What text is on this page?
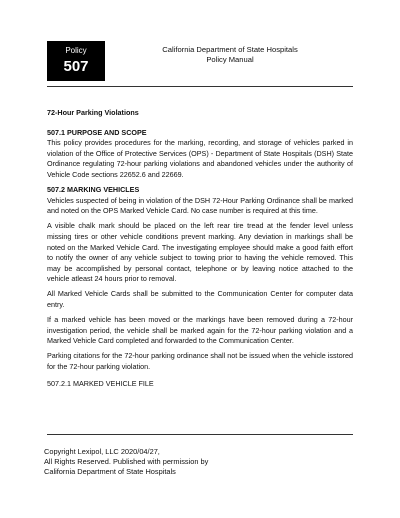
Policy
507
California Department of State Hospitals
Policy Manual

72-Hour Parking Violations

507.1 PURPOSE AND SCOPE

This policy provides procedures for the marking, recording, and storage of vehicles parked in violation of the Office of Protective Services (OPS) - Department of State Hospitals (DSH) State Ordinance regulating 72-hour parking violations and abandoned vehicles under the authority of Vehicle Code sections 22652.6 and 22669.

507.2 MARKING VEHICLES

Vehicles suspected of being in violation of the DSH 72-Hour Parking Ordinance shall be marked and noted on the OPS Marked Vehicle Card. No case number is required at this time.

A visible chalk mark should be placed on the left rear tire tread at the fender level unless missing tires or other vehicle conditions prevent marking. Any deviation in markings shall be noted on the Marked Vehicle Card. The investigating employee should make a good faith effort to notify the owner of any vehicle subject to towing prior to having the vehicle removed. This may be accomplished by personal contact, telephone or by leaving notice attached to the vehicle atleast 24 hours prior to removal.

All Marked Vehicle Cards shall be submitted to the Communication Center for computer data entry.

If a marked vehicle has been moved or the markings have been removed during a 72-hour investigation period, the vehicle shall be marked again for the 72-hour parking violation and a Marked Vehicle Card completed and forwarded to the Communication Center.

Parking citations for the 72-hour parking ordinance shall not be issued when the vehicle isstored for the 72-hour parking violation.

507.2.1 MARKED VEHICLE FILE

Copyright Lexipol, LLC 2020/04/27,
All Rights Reserved. Published with permission by
California Department of State Hospitals
